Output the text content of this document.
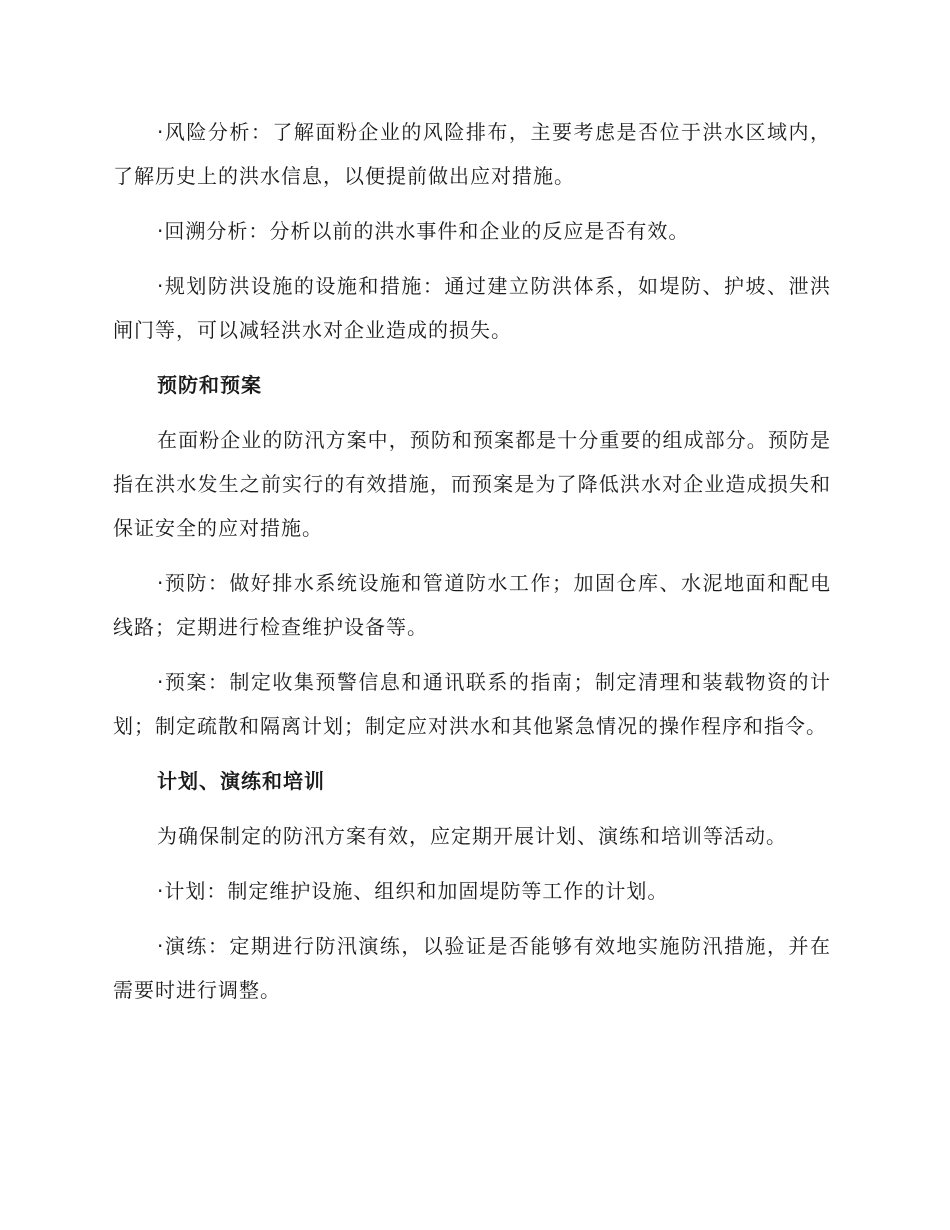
·风险分析：了解面粉企业的风险排布，主要考虑是否位于洪水区域内，了解历史上的洪水信息，以便提前做出应对措施。

·回溯分析：分析以前的洪水事件和企业的反应是否有效。

·规划防洪设施的设施和措施：通过建立防洪体系，如堤防、护坡、泄洪闸门等，可以减轻洪水对企业造成的损失。

预防和预案

在面粉企业的防汛方案中，预防和预案都是十分重要的组成部分。预防是指在洪水发生之前实行的有效措施，而预案是为了降低洪水对企业造成损失和保证安全的应对措施。

·预防：做好排水系统设施和管道防水工作；加固仓库、水泥地面和配电线路；定期进行检查维护设备等。

·预案：制定收集预警信息和通讯联系的指南；制定清理和装载物资的计划；制定疏散和隔离计划；制定应对洪水和其他紧急情况的操作程序和指令。

计划、演练和培训

为确保制定的防汛方案有效，应定期开展计划、演练和培训等活动。

·计划：制定维护设施、组织和加固堤防等工作的计划。

·演练：定期进行防汛演练，以验证是否能够有效地实施防汛措施，并在需要时进行调整。
